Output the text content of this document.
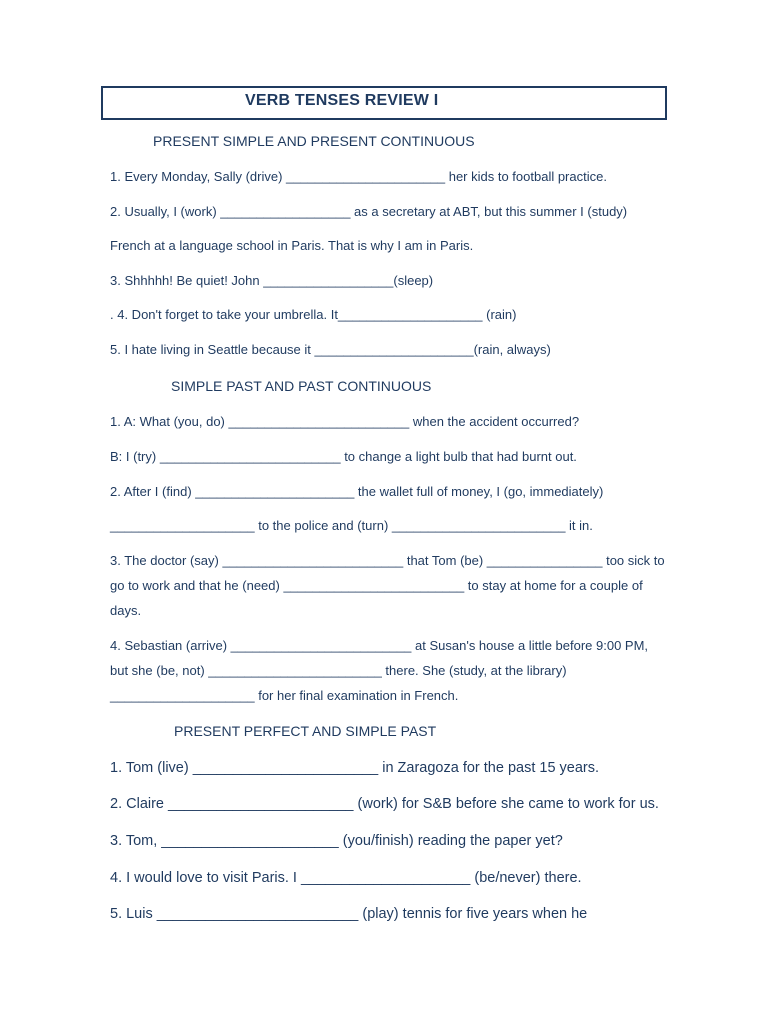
VERB TENSES REVIEW I
PRESENT SIMPLE AND PRESENT CONTINUOUS
1. Every Monday, Sally (drive) ______________________ her kids to football practice.
2. Usually, I (work) __________________ as a secretary at ABT, but this summer I (study)
French at a language school in Paris. That is why I am in Paris.
3. Shhhhh! Be quiet! John __________________(sleep)
. 4. Don't forget to take your umbrella. It____________________ (rain)
5. I hate living in Seattle because it ______________________(rain, always)
SIMPLE PAST AND PAST CONTINUOUS
1. A: What (you, do) _________________________ when the accident occurred?
B: I (try) _________________________ to change a light bulb that had burnt out.
2. After I (find) ______________________ the wallet full of money, I (go, immediately)
____________________ to the police and (turn) ________________________ it in.
3. The doctor (say) _________________________ that Tom (be) ________________ too sick to
go to work and that he (need) _________________________ to stay at home for a couple of
days.
4. Sebastian (arrive) _________________________ at Susan's house a little before 9:00 PM,
but she (be, not) ________________________ there. She (study, at the library)
____________________ for her final examination in French.
PRESENT PERFECT AND SIMPLE PAST
1. Tom (live) _______________________ in Zaragoza for the past 15 years.
2. Claire _______________________ (work) for S&B before she came to work for us.
3. Tom, ______________________ (you/finish) reading the paper yet?
4. I would love to visit Paris. I _____________________ (be/never) there.
5. Luis _________________________ (play) tennis for five years when he
